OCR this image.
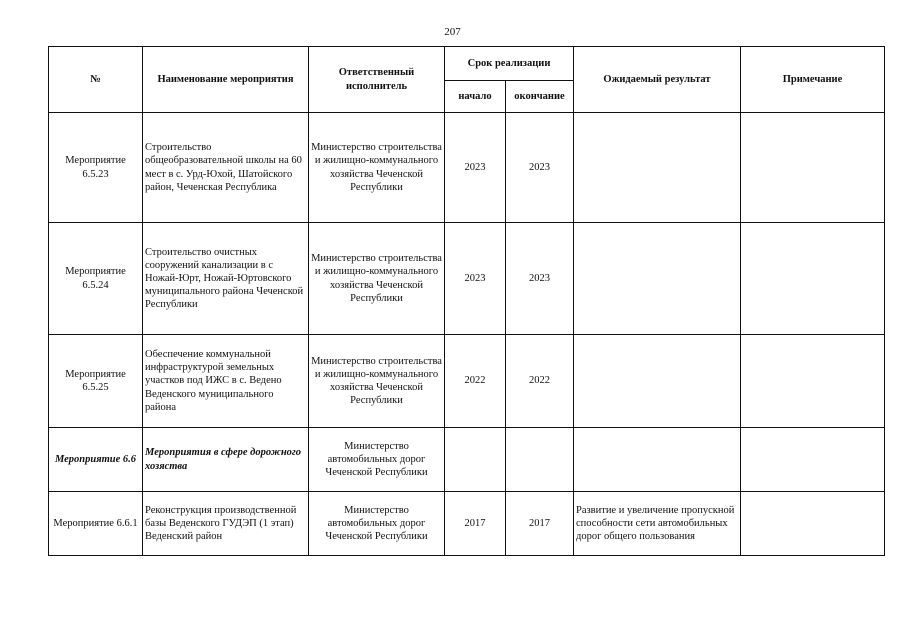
207
№	Наименование мероприятия	Ответственный исполнитель	Срок реализации		Ожидаемый результат	Примечание
			начало	окончание		
Мероприятие 6.5.23	Строительство общеобразовательной школы на 60 мест в с. Урд-Юхой, Шатойского район, Чеченская Республика	Министерство строительства и жилищно-коммунального хозяйства Чеченской Республики	2023	2023		
Мероприятие 6.5.24	Строительство очистных сооружений канализации в с Ножай-Юрт, Ножай-Юртовского муниципального района Чеченской Республики	Министерство строительства и жилищно-коммунального хозяйства Чеченской Республики	2023	2023		
Мероприятие 6.5.25	Обеспечение коммунальной инфраструктурой земельных участков под ИЖС в с. Ведено Веденского муниципального района	Министерство строительства и жилищно-коммунального хозяйства Чеченской Республики	2022	2022		
Мероприятие 6.6	Мероприятия в сфере дорожного хозяства	Министерство автомобильных дорог Чеченской Республики				
Мероприятие 6.6.1	Реконструкция производственной базы Веденского ГУДЭП (1 этап) Веденский район	Министерство автомобильных дорог Чеченской Республики	2017	2017	Развитие и увеличение пропускной способности сети автомобильных дорог общего пользования	
